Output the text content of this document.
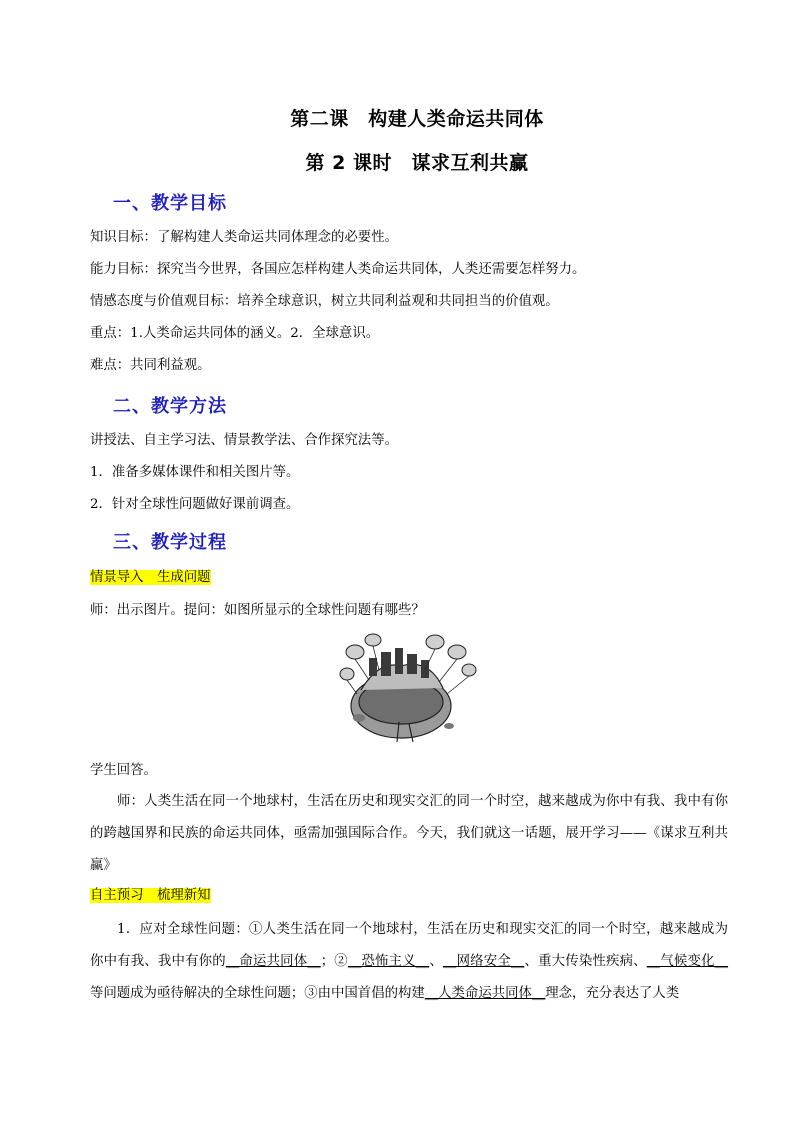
第二课　构建人类命运共同体
第 2 课时　谋求互利共赢
一、教学目标
知识目标：了解构建人类命运共同体理念的必要性。
能力目标：探究当今世界，各国应怎样构建人类命运共同体，人类还需要怎样努力。
情感态度与价值观目标：培养全球意识，树立共同利益观和共同担当的价值观。
重点：1.人类命运共同体的涵义。2．全球意识。
难点：共同利益观。
二、教学方法
讲授法、自主学习法、情景教学法、合作探究法等。
1．准备多媒体课件和相关图片等。
2．针对全球性问题做好课前调查。
三、教学过程
情景导入　生成问题
师：出示图片。提问：如图所显示的全球性问题有哪些？
学生回答。
师：人类生活在同一个地球村，生活在历史和现实交汇的同一个时空，越来越成为你中有我、我中有你的跨越国界和民族的命运共同体，亟需加强国际合作。今天，我们就这一话题，展开学习——《谋求互利共赢》
自主预习　梳理新知
1．应对全球性问题：①人类生活在同一个地球村，生活在历史和现实交汇的同一个时空，越来越成为你中有我、我中有你的__命运共同体__；②__恐怖主义__、__网络安全__、重大传染性疾病、__气候变化__等问题成为亟待解决的全球性问题；③由中国首倡的构建__人类命运共同体__理念，充分表达了人类
